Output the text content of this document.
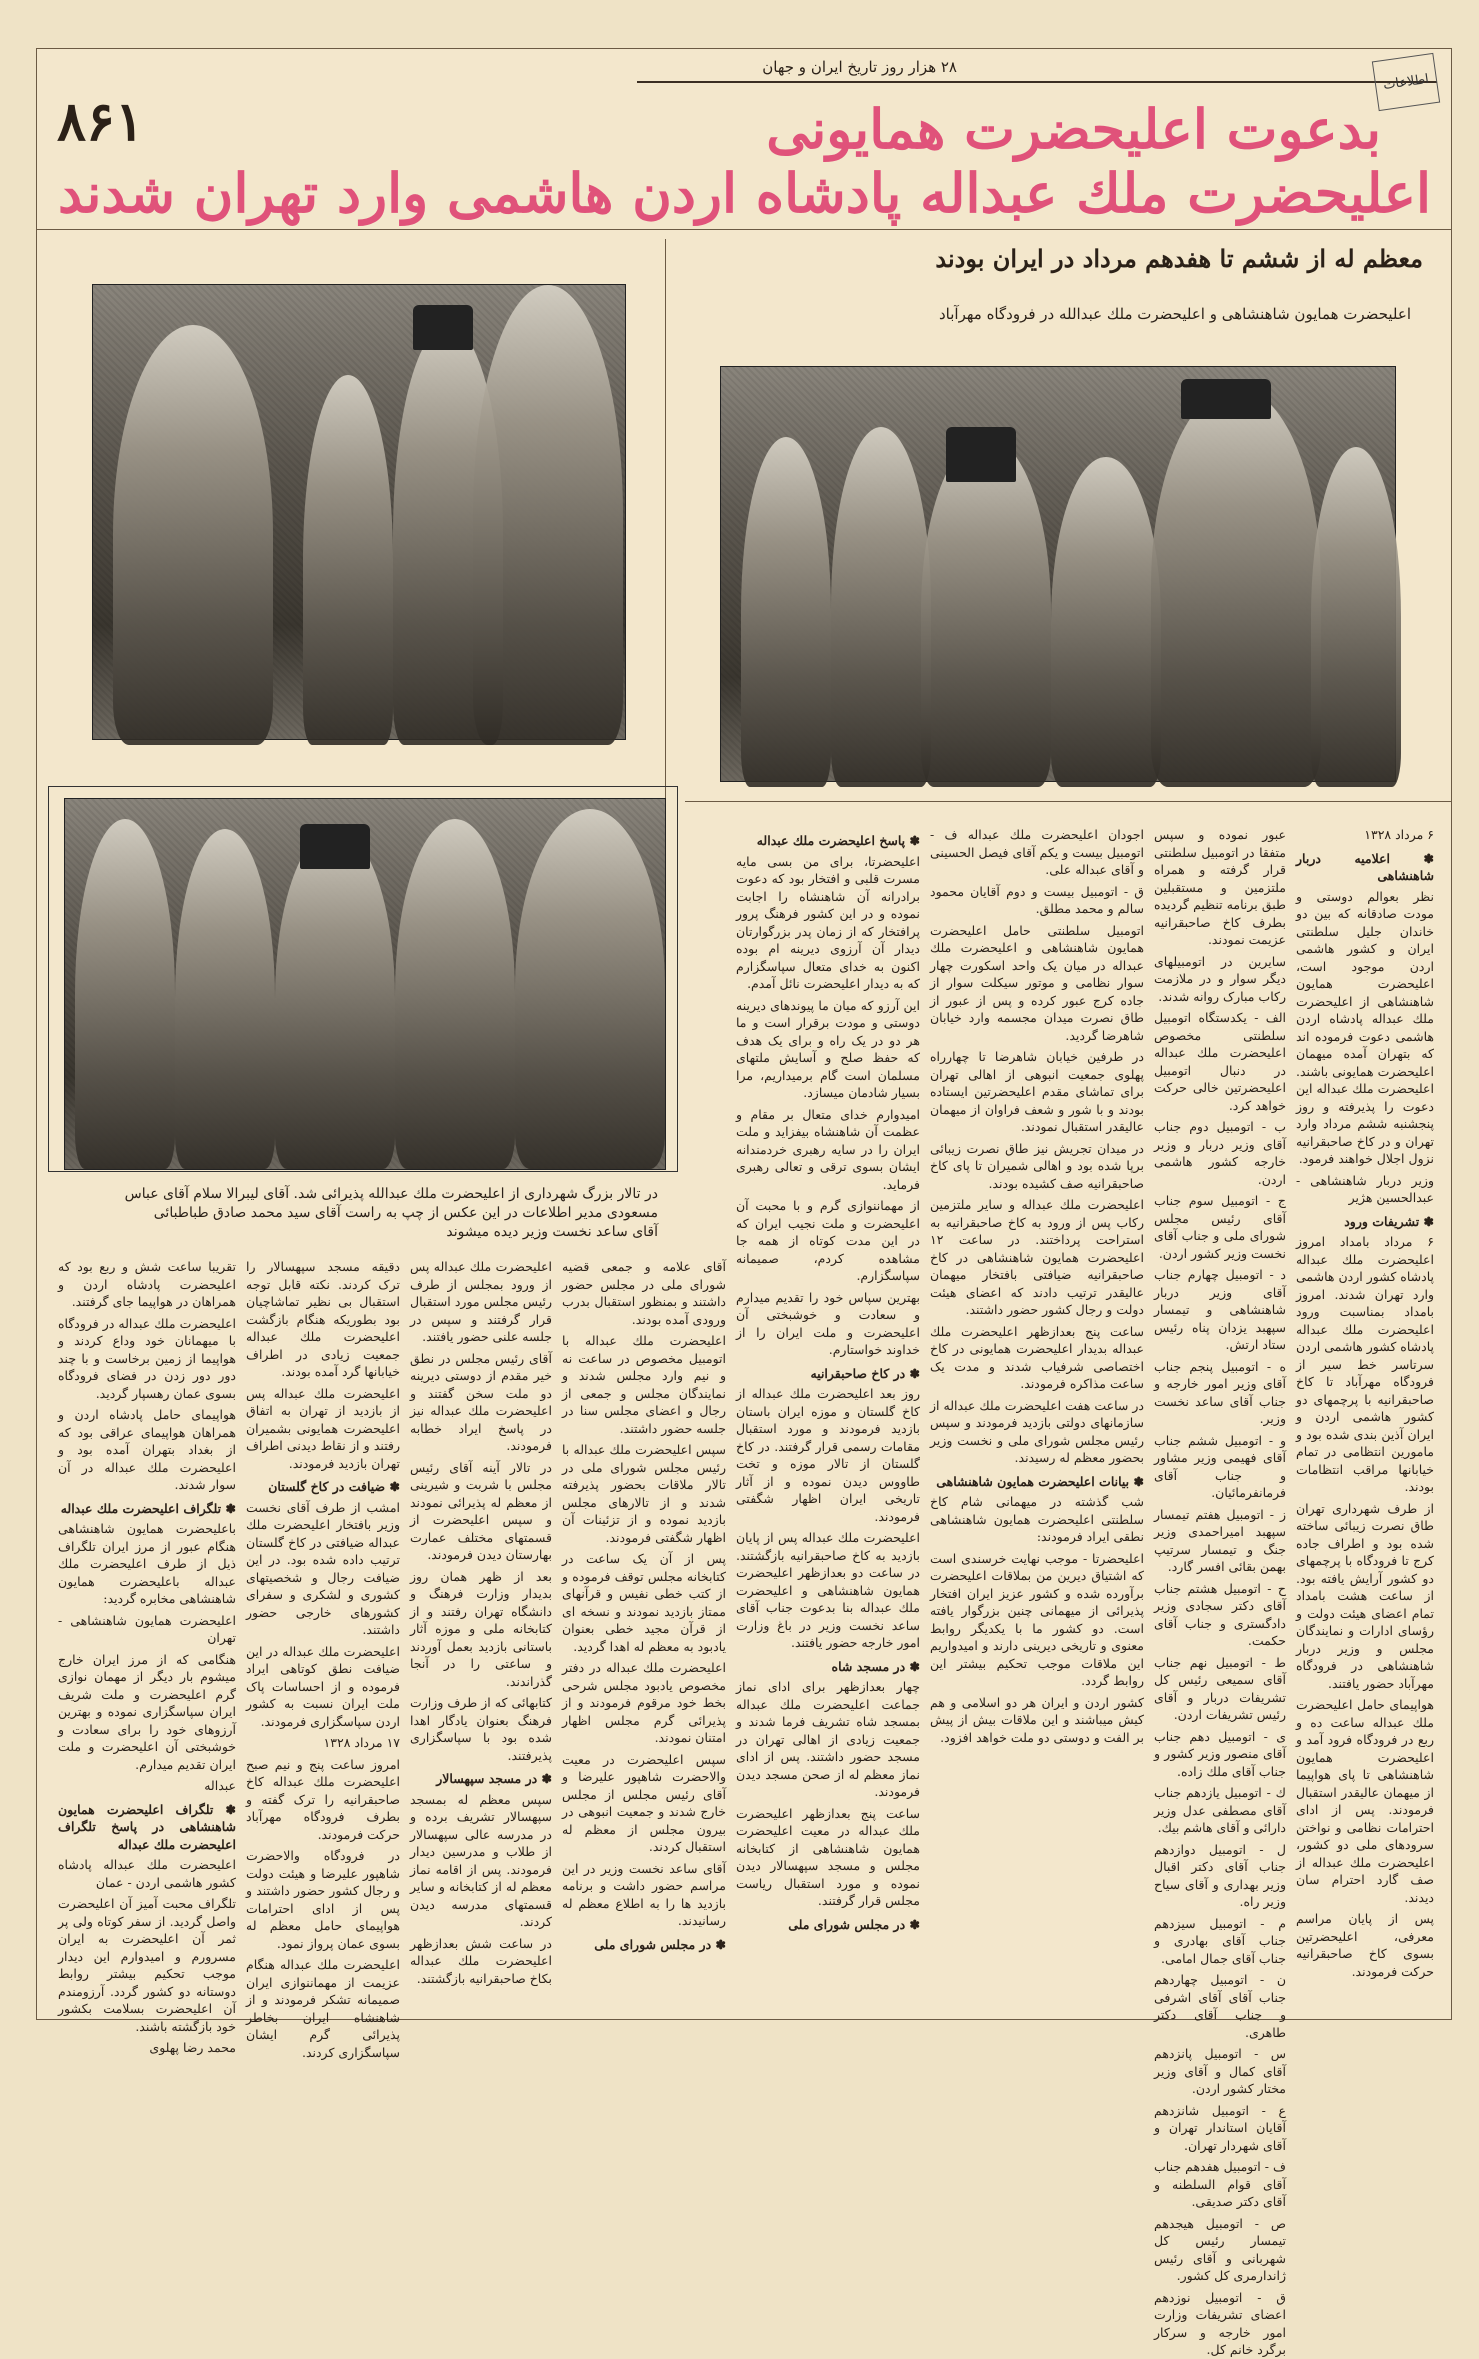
۲۸ هزار روز تاریخ ایران و جهان
اطلاعات
۸۶۱	بدعوت اعلیحضرت همایونی
اعلیحضرت ملك عبداله پادشاه اردن هاشمی وارد تهران شدند
معظم له از ششم تا هفدهم مرداد در ایران بودند
اعلیحضرت همایون شاهنشاهی و اعلیحضرت ملك عبدالله در فرودگاه مهرآباد
در تالار بزرگ شهرداری از اعلیحضرت ملك عبدالله پذیرائی شد. آقای لیبرالا سلام آقای عباس
مسعودی مدیر اطلاعات در این عکس از چپ به راست آقای سید محمد صادق طباطبائی
آقای ساعد نخست وزیر دیده میشوند

۶ مرداد ۱۳۲۸

✽ اعلامیه دربار شاهنشاهی

نظر بعوالم دوستی و مودت صادقانه که بین دو خاندان جلیل سلطنتی ایران و کشور هاشمی اردن موجود است، اعلیحضرت همایون شاهنشاهی از اعلیحضرت ملك عبداله پادشاه اردن هاشمی دعوت فرموده اند که بتهران آمده میهمان اعلیحضرت همایونی باشند. اعلیحضرت ملك عبداله این دعوت را پذیرفته و روز پنجشنبه ششم مرداد وارد تهران و در کاخ صاحبقرانیه نزول اجلال خواهند فرمود.

وزیر دربار شاهنشاهی - عبدالحسین هژیر

✽ تشریفات ورود

۶ مرداد بامداد امروز اعلیحضرت ملك عبداله پادشاه کشور اردن هاشمی وارد تهران شدند. امروز بامداد بمناسبت ورود اعلیحضرت ملك عبداله پادشاه کشور هاشمی اردن سرتاسر خط سیر از فرودگاه مهرآباد تا کاخ صاحبقرانیه با پرچمهای دو کشور هاشمی اردن و ایران آذین بندی شده بود و مامورین انتظامی در تمام خیابانها مراقب انتظامات بودند.

از طرف شهرداری تهران طاق نصرت زیبائی ساخته شده بود و اطراف جاده کرج تا فرودگاه با پرچمهای دو کشور آرایش یافته بود. از ساعت هشت بامداد تمام اعضای هیئت دولت و رؤسای ادارات و نمایندگان مجلس و وزیر دربار شاهنشاهی در فرودگاه مهرآباد حضور یافتند.

هواپیمای حامل اعلیحضرت ملك عبداله ساعت ده و ربع در فرودگاه فرود آمد و اعلیحضرت همایون شاهنشاهی تا پای هواپیما از میهمان عالیقدر استقبال فرمودند. پس از ادای احترامات نظامی و نواختن سرودهای ملی دو کشور، اعلیحضرت ملك عبداله از صف گارد احترام سان دیدند.

پس از پایان مراسم معرفی، اعلیحضرتین بسوی کاخ صاحبقرانیه حرکت فرمودند.

عبور نموده و سپس متفقا در اتومبیل سلطنتی قرار گرفته و همراه ملتزمین و مستقبلین طبق برنامه تنظیم گردیده بطرف کاخ صاحبقرانیه عزیمت نمودند.

سایرین در اتومبیلهای دیگر سوار و در ملازمت رکاب مبارک روانه شدند.

الف - یکدستگاه اتومبیل سلطنتی مخصوص اعلیحضرت ملك عبداله در دنبال اتومبیل اعلیحضرتین خالی حرکت خواهد کرد.

ب - اتومبیل دوم جناب آقای وزیر دربار و وزیر خارجه کشور هاشمی اردن.

ج - اتومبیل سوم جناب آقای رئیس مجلس شورای ملی و جناب آقای نخست وزیر کشور اردن.

د - اتومبیل چهارم جناب آقای وزیر دربار شاهنشاهی و تیمسار سپهبد یزدان پناه رئیس ستاد ارتش.

ه - اتومبیل پنجم جناب آقای وزیر امور خارجه و جناب آقای ساعد نخست وزیر.

و - اتومبیل ششم جناب آقای فهیمی وزیر مشاور و جناب آقای فرمانفرمائیان.

ز - اتومبیل هفتم تیمسار سپهبد امیراحمدی وزیر جنگ و تیمسار سرتیپ بهمن بقائی افسر گارد.

ح - اتومبیل هشتم جناب آقای دکتر سجادی وزیر دادگستری و جناب آقای حکمت.

ط - اتومبیل نهم جناب آقای سمیعی رئیس کل تشریفات دربار و آقای رئیس تشریفات اردن.

ی - اتومبیل دهم جناب آقای منصور وزیر کشور و جناب آقای ملك زاده.

ك - اتومبیل یازدهم جناب آقای مصطفی عدل وزیر دارائی و آقای هاشم بیك.

ل - اتومبیل دوازدهم جناب آقای دکتر اقبال وزیر بهداری و آقای سیاح وزیر راه.

م - اتومبیل سیزدهم جناب آقای بهادری و جناب آقای جمال امامی.

ن - اتومبیل چهاردهم جناب آقای آقای اشرفی و جناب آقای دکتر طاهری.

س - اتومبیل پانزدهم آقای کمال و آقای وزیر مختار کشور اردن.

ع - اتومبیل شانزدهم آقایان استاندار تهران و آقای شهردار تهران.

ف - اتومبیل هفدهم جناب آقای قوام السلطنه و آقای دکتر صدیقی.

ص - اتومبیل هیجدهم تیمسار رئیس کل شهربانی و آقای رئیس ژاندارمری کل کشور.

ق - اتومبیل نوزدهم اعضای تشریفات وزارت امور خارجه و سرکار برگرد خانم کل.

اجودان اعلیحضرت ملك عبداله ف - اتومبیل بیست و یکم آقای فیصل الحسینی و آقای عبداله علی.

ق - اتومبیل بیست و دوم آقایان محمود سالم و محمد مطلق.

اتومبیل سلطنتی حامل اعلیحضرت همایون شاهنشاهی و اعلیحضرت ملك عبداله در میان یک واحد اسکورت چهار سوار نظامی و موتور سیکلت سوار از جاده کرج عبور کرده و پس از عبور از طاق نصرت میدان مجسمه وارد خیابان شاهرضا گردید.

در طرفین خیابان شاهرضا تا چهارراه پهلوی جمعیت انبوهی از اهالی تهران برای تماشای مقدم اعلیحضرتین ایستاده بودند و با شور و شعف فراوان از میهمان عالیقدر استقبال نمودند.

در میدان تجریش نیز طاق نصرت زیبائی برپا شده بود و اهالی شمیران تا پای کاخ صاحبقرانیه صف کشیده بودند.

اعلیحضرت ملك عبداله و سایر ملتزمین رکاب پس از ورود به کاخ صاحبقرانیه به استراحت پرداختند. در ساعت ۱۲ اعلیحضرت همایون شاهنشاهی در کاخ صاحبقرانیه ضیافتی بافتخار میهمان عالیقدر ترتیب دادند که اعضای هیئت دولت و رجال کشور حضور داشتند.

ساعت پنج بعدازظهر اعلیحضرت ملك عبداله بدیدار اعلیحضرت همایونی در کاخ اختصاصی شرفیاب شدند و مدت یک ساعت مذاکره فرمودند.

در ساعت هفت اعلیحضرت ملك عبداله از سازمانهای دولتی بازدید فرمودند و سپس رئیس مجلس شورای ملی و نخست وزیر بحضور معظم له رسیدند.

✽ بیانات اعلیحضرت همایون شاهنشاهی

شب گذشته در میهمانی شام کاخ سلطنتی اعلیحضرت همایون شاهنشاهی نطقی ایراد فرمودند:

اعلیحضرتا - موجب نهایت خرسندی است که اشتیاق دیرین من بملاقات اعلیحضرت برآورده شده و کشور عزیز ایران افتخار پذیرائی از میهمانی چنین بزرگوار یافته است. دو کشور ما با یکدیگر روابط معنوی و تاریخی دیرینی دارند و امیدواریم این ملاقات موجب تحکیم بیشتر این روابط گردد.

کشور اردن و ایران هر دو اسلامی و هم کیش میباشند و این ملاقات بیش از پیش بر الفت و دوستی دو ملت خواهد افزود.

✽ پاسخ اعلیحضرت ملك عبداله

اعلیحضرتا، برای من بسی مایه مسرت قلبی و افتخار بود که دعوت برادرانه آن شاهنشاه را اجابت نموده و در این کشور فرهنگ پرور پرافتخار که از زمان پدر بزرگوارتان دیدار آن آرزوی دیرینه ام بوده اکنون به خدای متعال سپاسگزارم که به دیدار اعلیحضرت نائل آمدم.

این آرزو که میان ما پیوندهای دیرینه دوستی و مودت برقرار است و ما هر دو در یک راه و برای یک هدف که حفظ صلح و آسایش ملتهای مسلمان است گام برمیداریم، مرا بسیار شادمان میسازد.

امیدوارم خدای متعال بر مقام و عظمت آن شاهنشاه بیفزاید و ملت ایران را در سایه رهبری خردمندانه ایشان بسوی ترقی و تعالی رهبری فرماید.

از مهماننوازی گرم و با محبت آن اعلیحضرت و ملت نجیب ایران که در این مدت کوتاه از همه جا مشاهده کردم، صمیمانه سپاسگزارم.

بهترین سپاس خود را تقدیم میدارم و سعادت و خوشبختی آن اعلیحضرت و ملت ایران را از خداوند خواستارم.

✽ در کاخ صاحبقرانیه

روز بعد اعلیحضرت ملك عبداله از کاخ گلستان و موزه ایران باستان بازدید فرمودند و مورد استقبال مقامات رسمی قرار گرفتند. در کاخ گلستان از تالار موزه و تخت طاووس دیدن نموده و از آثار تاریخی ایران اظهار شگفتی فرمودند.

اعلیحضرت ملك عبداله پس از پایان بازدید به کاخ صاحبقرانیه بازگشتند. در ساعت دو بعدازظهر اعلیحضرت همایون شاهنشاهی و اعلیحضرت ملك عبداله بنا بدعوت جناب آقای ساعد نخست وزیر در باغ وزارت امور خارجه حضور یافتند.

✽ در مسجد شاه

چهار بعدازظهر برای ادای نماز جماعت اعلیحضرت ملك عبداله بمسجد شاه تشریف فرما شدند و جمعیت زیادی از اهالی تهران در مسجد حضور داشتند. پس از ادای نماز معظم له از صحن مسجد دیدن فرمودند.

ساعت پنج بعدازظهر اعلیحضرت ملك عبداله در معیت اعلیحضرت همایون شاهنشاهی از کتابخانه مجلس و مسجد سپهسالار دیدن نموده و مورد استقبال ریاست مجلس قرار گرفتند.

✽ در مجلس شورای ملی

آقای علامه و جمعی قضیه شورای ملی در مجلس حضور داشتند و بمنظور استقبال بدرب ورودی آمده بودند.

اعلیحضرت ملك عبداله با اتومبیل مخصوص در ساعت نه و نیم وارد مجلس شدند و نمایندگان مجلس و جمعی از رجال و اعضای مجلس سنا در جلسه حضور داشتند.

سپس اعلیحضرت ملك عبداله با رئیس مجلس شورای ملی در تالار ملاقات بحضور پذیرفته شدند و از تالارهای مجلس بازدید نموده و از تزئینات آن اظهار شگفتی فرمودند.

پس از آن یک ساعت در کتابخانه مجلس توقف فرموده و از کتب خطی نفیس و قرآنهای ممتاز بازدید نمودند و نسخه ای از قرآن مجید خطی بعنوان یادبود به معظم له اهدا گردید.

اعلیحضرت ملك عبداله در دفتر مخصوص یادبود مجلس شرحی بخط خود مرقوم فرمودند و از پذیرائی گرم مجلس اظهار امتنان نمودند.

سپس اعلیحضرت در معیت والاحضرت شاهپور علیرضا و آقای رئیس مجلس از مجلس خارج شدند و جمعیت انبوهی در بیرون مجلس از معظم له استقبال کردند.

آقای ساعد نخست وزیر در این مراسم حضور داشت و برنامه بازدید ها را به اطلاع معظم له رسانیدند.

✽ در مجلس شورای ملی

اعلیحضرت ملك عبداله پس از ورود بمجلس از طرف رئیس مجلس مورد استقبال قرار گرفتند و سپس در جلسه علنی حضور یافتند.

آقای رئیس مجلس در نطق خیر مقدم از دوستی دیرینه دو ملت سخن گفتند و اعلیحضرت ملك عبداله نیز در پاسخ ایراد خطابه فرمودند.

در تالار آینه آقای رئیس مجلس با شربت و شیرینی از معظم له پذیرائی نمودند و سپس اعلیحضرت از قسمتهای مختلف عمارت بهارستان دیدن فرمودند.

بعد از ظهر همان روز بدیدار وزارت فرهنگ و دانشگاه تهران رفتند و از کتابخانه ملی و موزه آثار باستانی بازدید بعمل آوردند و ساعتی را در آنجا گذراندند.

کتابهائی که از طرف وزارت فرهنگ بعنوان یادگار اهدا شده بود با سپاسگزاری پذیرفتند.

✽ در مسجد سپهسالار

سپس معظم له بمسجد سپهسالار تشریف برده و در مدرسه عالی سپهسالار از طلاب و مدرسین دیدار فرمودند. پس از اقامه نماز معظم له از کتابخانه و سایر قسمتهای مدرسه دیدن کردند.

در ساعت شش بعدازظهر اعلیحضرت ملك عبداله بکاخ صاحبقرانیه بازگشتند.

دقیقه مسجد سپهسالار را ترک کردند. نکته قابل توجه استقبال بی نظیر تماشاچیان بود بطوریکه هنگام بازگشت اعلیحضرت ملك عبداله جمعیت زیادی در اطراف خیابانها گرد آمده بودند.

اعلیحضرت ملك عبداله پس از بازدید از تهران به اتفاق اعلیحضرت همایونی بشمیران رفتند و از نقاط دیدنی اطراف تهران بازدید فرمودند.

✽ ضیافت در کاخ گلستان

امشب از طرف آقای نخست وزیر بافتخار اعلیحضرت ملك عبداله ضیافتی در کاخ گلستان ترتیب داده شده بود. در این ضیافت رجال و شخصیتهای کشوری و لشکری و سفرای کشورهای خارجی حضور داشتند.

اعلیحضرت ملك عبداله در این ضیافت نطق کوتاهی ایراد فرموده و از احساسات پاک ملت ایران نسبت به کشور اردن سپاسگزاری فرمودند.

۱۷ مرداد ۱۳۲۸

امروز ساعت پنج و نیم صبح اعلیحضرت ملك عبداله کاخ صاحبقرانیه را ترک گفته و بطرف فرودگاه مهرآباد حرکت فرمودند.

در فرودگاه والاحضرت شاهپور علیرضا و هیئت دولت و رجال کشور حضور داشتند و پس از ادای احترامات هواپیمای حامل معظم له بسوی عمان پرواز نمود.

اعلیحضرت ملك عبداله هنگام عزیمت از مهماننوازی ایران صمیمانه تشکر فرمودند و از شاهنشاه ایران بخاطر پذیرائی گرم ایشان سپاسگزاری کردند.

تقریبا ساعت شش و ربع بود که اعلیحضرت پادشاه اردن و همراهان در هواپیما جای گرفتند.

اعلیحضرت ملك عبداله در فرودگاه با میهمانان خود وداع کردند و هواپیما از زمین برخاست و با چند دور دور زدن در فضای فرودگاه بسوی عمان رهسپار گردید.

هواپیمای حامل پادشاه اردن و همراهان هواپیمای عراقی بود که از بغداد بتهران آمده بود و اعلیحضرت ملك عبداله در آن سوار شدند.

✽ تلگراف اعلیحضرت ملك عبداله

باعلیحضرت همایون شاهنشاهی هنگام عبور از مرز ایران تلگراف ذیل از طرف اعلیحضرت ملك عبداله باعلیحضرت همایون شاهنشاهی مخابره گردید:

اعلیحضرت همایون شاهنشاهی - تهران

هنگامی که از مرز ایران خارج میشوم بار دیگر از مهمان نوازی گرم اعلیحضرت و ملت شریف ایران سپاسگزاری نموده و بهترین آرزوهای خود را برای سعادت و خوشبختی آن اعلیحضرت و ملت ایران تقدیم میدارم.

عبداله

✽ تلگراف اعلیحضرت همایون شاهنشاهی در پاسخ تلگراف اعلیحضرت ملك عبداله

اعلیحضرت ملك عبداله پادشاه کشور هاشمی اردن - عمان

تلگراف محبت آمیز آن اعلیحضرت واصل گردید. از سفر کوتاه ولی پر ثمر آن اعلیحضرت به ایران مسرورم و امیدوارم این دیدار موجب تحکیم بیشتر روابط دوستانه دو کشور گردد. آرزومندم آن اعلیحضرت بسلامت بکشور خود بازگشته باشند.

محمد رضا پهلوی
